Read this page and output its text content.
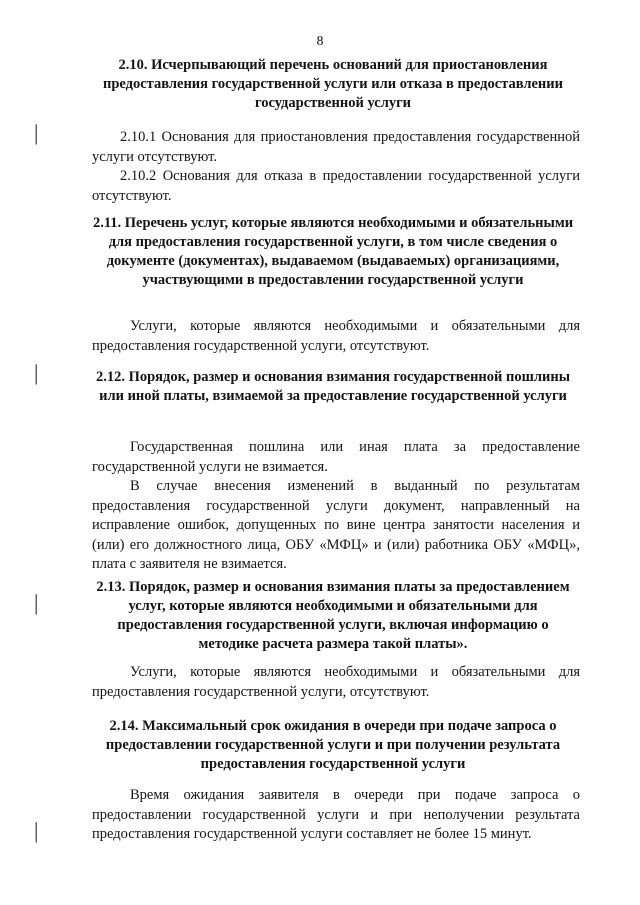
8
2.10. Исчерпывающий перечень оснований для приостановления предоставления государственной услуги или отказа в предоставлении государственной услуги

2.10.1 Основания для приостановления предоставления государственной услуги отсутствуют.

2.10.2 Основания для отказа в предоставлении государственной услуги отсутствуют.

2.11. Перечень услуг, которые являются необходимыми и обязательными для предоставления государственной услуги, в том числе сведения о документе (документах), выдаваемом (выдаваемых) организациями, участвующими в предоставлении государственной услуги

Услуги, которые являются необходимыми и обязательными для предоставления государственной услуги, отсутствуют.

2.12. Порядок, размер и основания взимания государственной пошлины или иной платы, взимаемой за предоставление государственной услуги

Государственная пошлина или иная плата за предоставление государственной услуги не взимается.

В случае внесения изменений в выданный по результатам предоставления государственной услуги документ, направленный на исправление ошибок, допущенных по вине центра занятости населения и (или) его должностного лица, ОБУ «МФЦ» и (или) работника ОБУ «МФЦ», плата с заявителя не взимается.

2.13. Порядок, размер и основания взимания платы за предоставлением услуг, которые являются необходимыми и обязательными для предоставления государственной услуги, включая информацию о методике расчета размера такой платы».

Услуги, которые являются необходимыми и обязательными для предоставления государственной услуги, отсутствуют.

2.14. Максимальный срок ожидания в очереди при подаче запроса о предоставлении государственной услуги и при получении результата предоставления государственной услуги

Время ожидания заявителя в очереди при подаче запроса о предоставлении государственной услуги и при неполучении результата предоставления государственной услуги составляет не более 15 минут.

|
|
|
|
